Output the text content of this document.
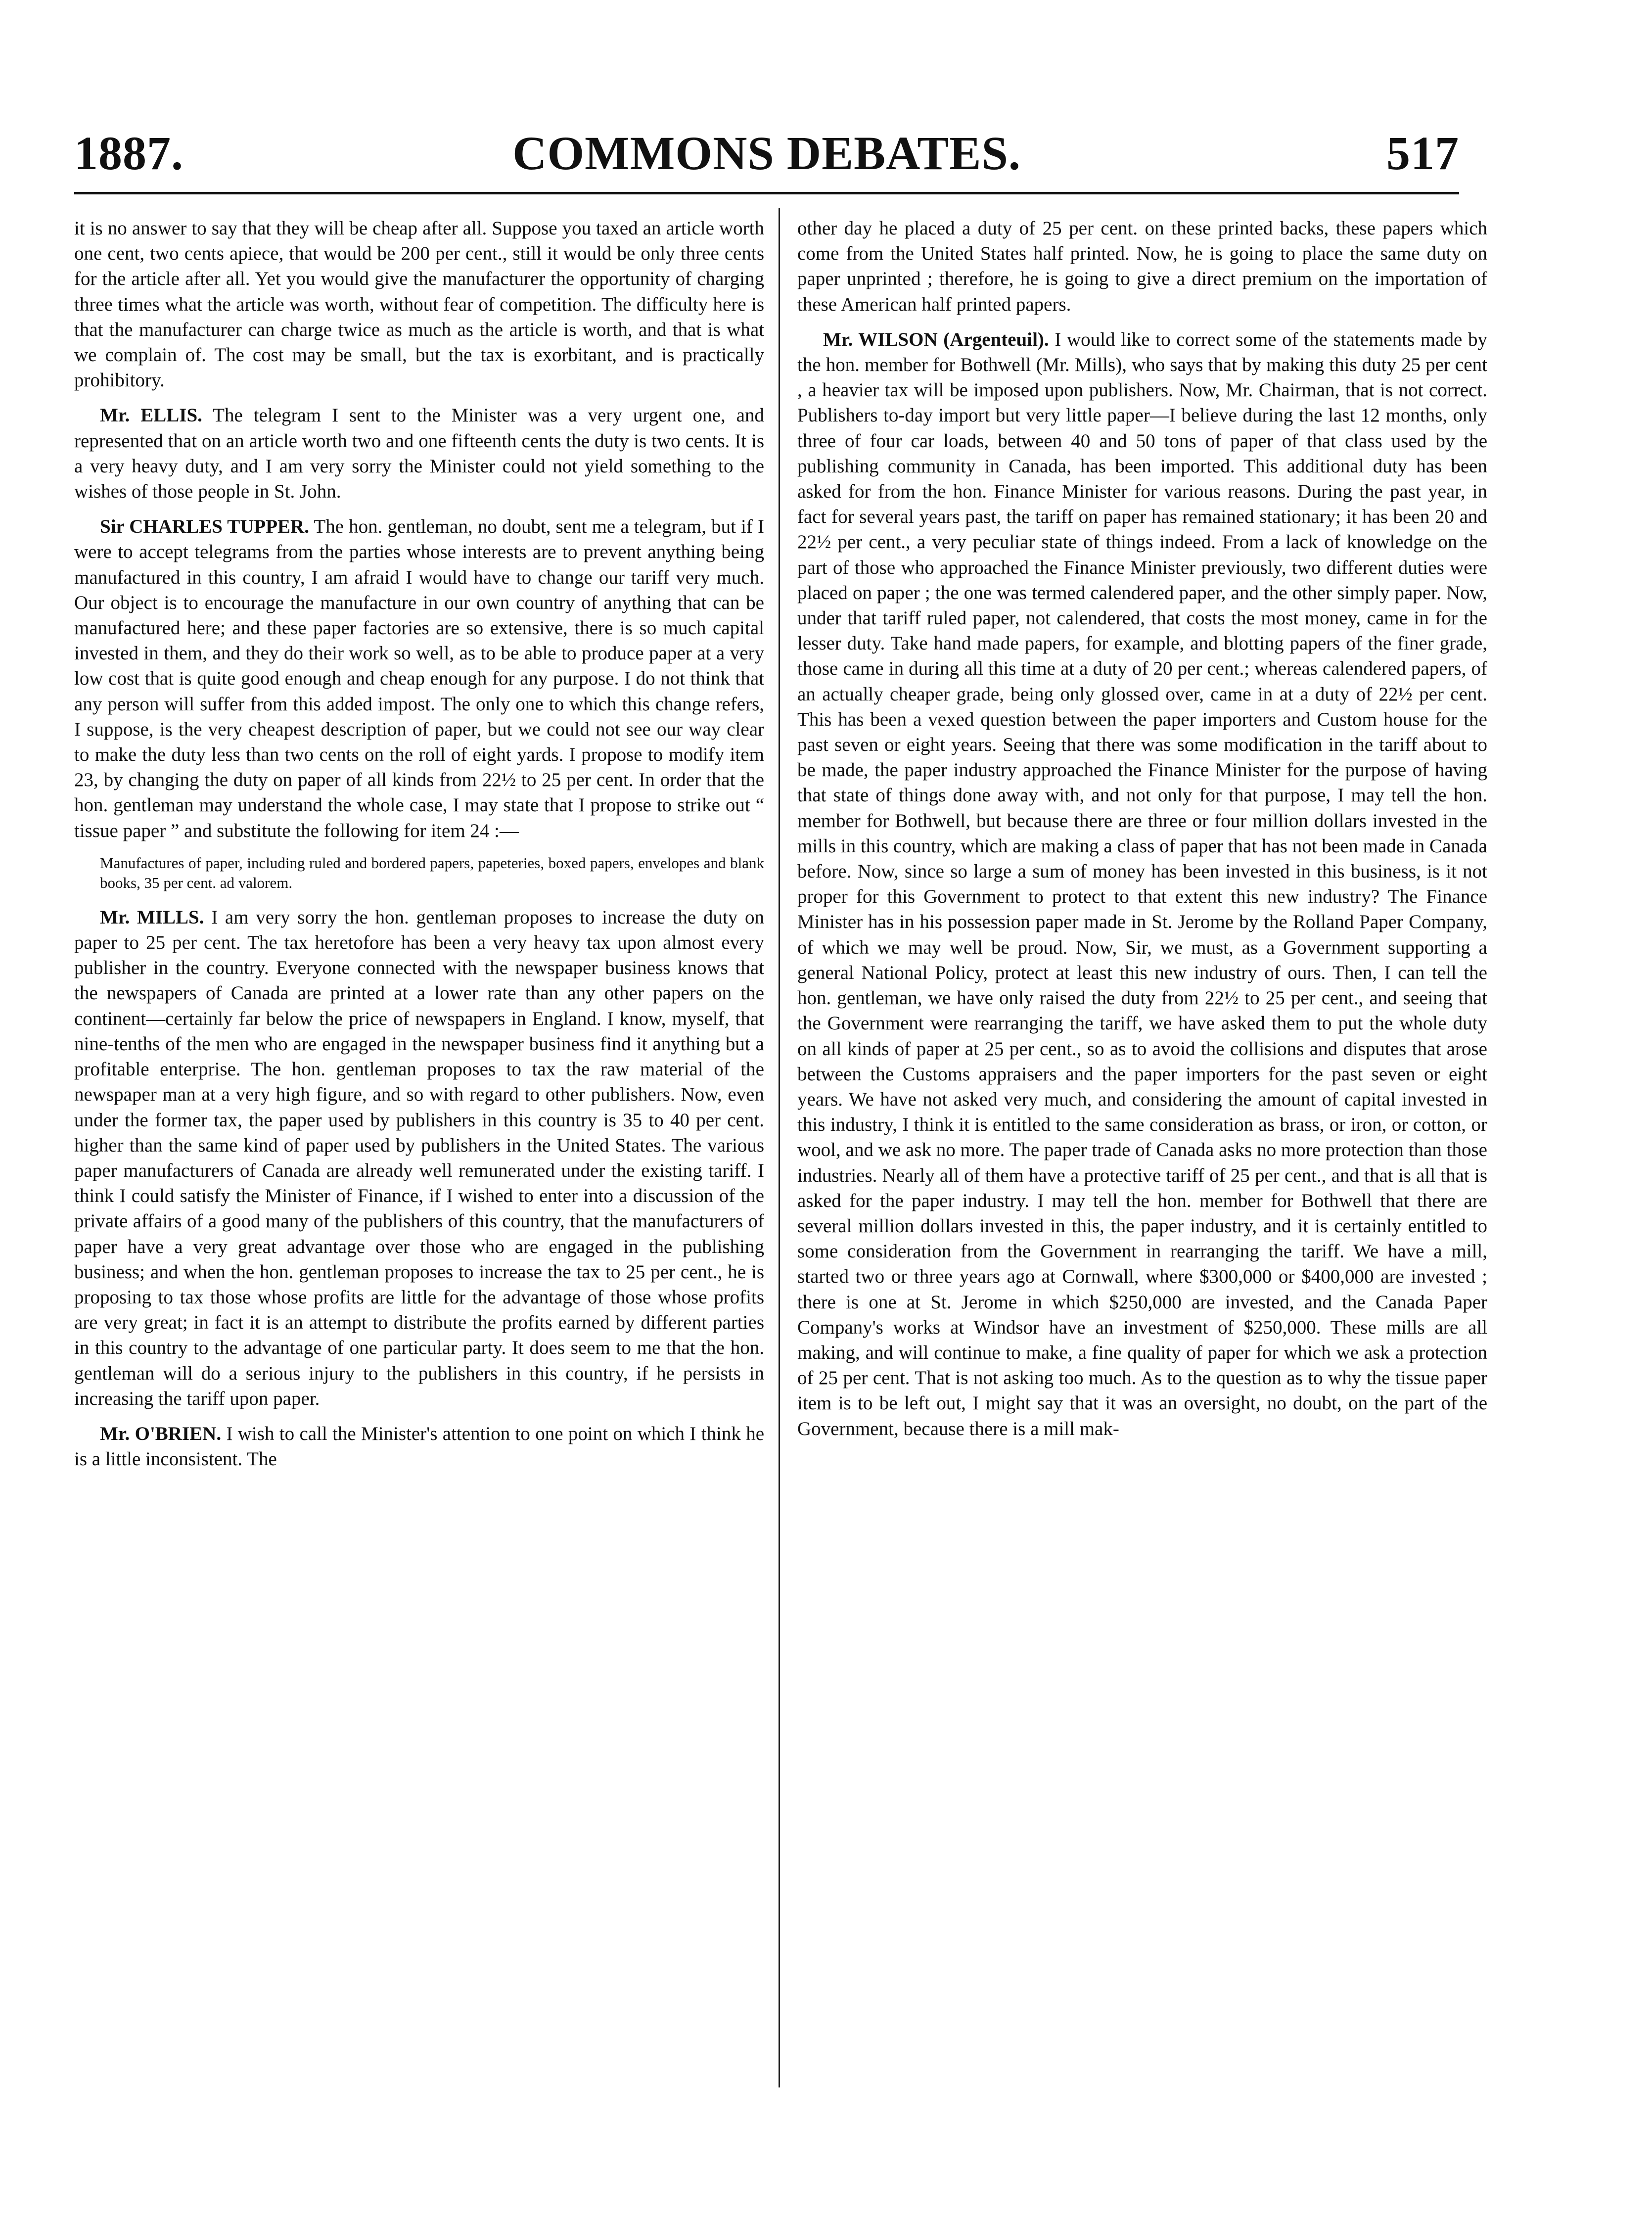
COMMONS DEBATES.
1887.	517

it is no answer to say that they will be cheap after all. Suppose you taxed an article worth one cent, two cents apiece, that would be 200 per cent., still it would be only three cents for the article after all. Yet you would give the manufacturer the opportunity of charging three times what the article was worth, without fear of competition. The difficulty here is that the manufacturer can charge twice as much as the article is worth, and that is what we complain of. The cost may be small, but the tax is exorbitant, and is practically prohibitory.

Mr. ELLIS. The telegram I sent to the Minister was a very urgent one, and represented that on an article worth two and one fifteenth cents the duty is two cents. It is a very heavy duty, and I am very sorry the Minister could not yield something to the wishes of those people in St. John.

Sir CHARLES TUPPER. The hon. gentleman, no doubt, sent me a telegram, but if I were to accept telegrams from the parties whose interests are to prevent anything being manufactured in this country, I am afraid I would have to change our tariff very much. Our object is to encourage the manufacture in our own country of anything that can be manufactured here; and these paper factories are so extensive, there is so much capital invested in them, and they do their work so well, as to be able to produce paper at a very low cost that is quite good enough and cheap enough for any purpose. I do not think that any person will suffer from this added impost. The only one to which this change refers, I suppose, is the very cheapest description of paper, but we could not see our way clear to make the duty less than two cents on the roll of eight yards. I propose to modify item 23, by changing the duty on paper of all kinds from 22½ to 25 per cent. In order that the hon. gentleman may understand the whole case, I may state that I propose to strike out “ tissue paper ” and substitute the following for item 24 :—

Manufactures of paper, including ruled and bordered papers, papeteries, boxed papers, envelopes and blank books, 35 per cent. ad valorem.

Mr. MILLS. I am very sorry the hon. gentleman proposes to increase the duty on paper to 25 per cent. The tax heretofore has been a very heavy tax upon almost every publisher in the country. Everyone connected with the newspaper business knows that the newspapers of Canada are printed at a lower rate than any other papers on the continent—certainly far below the price of newspapers in England. I know, myself, that nine-tenths of the men who are engaged in the newspaper business find it anything but a profitable enterprise. The hon. gentleman proposes to tax the raw material of the newspaper man at a very high figure, and so with regard to other publishers. Now, even under the former tax, the paper used by publishers in this country is 35 to 40 per cent. higher than the same kind of paper used by publishers in the United States. The various paper manufacturers of Canada are already well remunerated under the existing tariff. I think I could satisfy the Minister of Finance, if I wished to enter into a discussion of the private affairs of a good many of the publishers of this country, that the manufacturers of paper have a very great advantage over those who are engaged in the publishing business; and when the hon. gentleman proposes to increase the tax to 25 per cent., he is proposing to tax those whose profits are little for the advantage of those whose profits are very great; in fact it is an attempt to distribute the profits earned by different parties in this country to the advantage of one particular party. It does seem to me that the hon. gentleman will do a serious injury to the publishers in this country, if he persists in increasing the tariff upon paper.

Mr. O'BRIEN. I wish to call the Minister's attention to one point on which I think he is a little inconsistent. The

other day he placed a duty of 25 per cent. on these printed backs, these papers which come from the United States half printed. Now, he is going to place the same duty on paper unprinted ; therefore, he is going to give a direct premium on the importation of these American half printed papers.

Mr. WILSON (Argenteuil). I would like to correct some of the statements made by the hon. member for Bothwell (Mr. Mills), who says that by making this duty 25 per cent , a heavier tax will be imposed upon publishers. Now, Mr. Chairman, that is not correct. Publishers to-day import but very little paper—I believe during the last 12 months, only three of four car loads, between 40 and 50 tons of paper of that class used by the publishing community in Canada, has been imported. This additional duty has been asked for from the hon. Finance Minister for various reasons. During the past year, in fact for several years past, the tariff on paper has remained stationary; it has been 20 and 22½ per cent., a very peculiar state of things indeed. From a lack of knowledge on the part of those who approached the Finance Minister previously, two different duties were placed on paper ; the one was termed calendered paper, and the other simply paper. Now, under that tariff ruled paper, not calendered, that costs the most money, came in for the lesser duty. Take hand made papers, for example, and blotting papers of the finer grade, those came in during all this time at a duty of 20 per cent.; whereas calendered papers, of an actually cheaper grade, being only glossed over, came in at a duty of 22½ per cent. This has been a vexed question between the paper importers and Custom house for the past seven or eight years. Seeing that there was some modification in the tariff about to be made, the paper industry approached the Finance Minister for the purpose of having that state of things done away with, and not only for that purpose, I may tell the hon. member for Bothwell, but because there are three or four million dollars invested in the mills in this country, which are making a class of paper that has not been made in Canada before. Now, since so large a sum of money has been invested in this business, is it not proper for this Government to protect to that extent this new industry? The Finance Minister has in his possession paper made in St. Jerome by the Rolland Paper Company, of which we may well be proud. Now, Sir, we must, as a Government supporting a general National Policy, protect at least this new industry of ours. Then, I can tell the hon. gentleman, we have only raised the duty from 22½ to 25 per cent., and seeing that the Government were rearranging the tariff, we have asked them to put the whole duty on all kinds of paper at 25 per cent., so as to avoid the collisions and disputes that arose between the Customs appraisers and the paper importers for the past seven or eight years. We have not asked very much, and considering the amount of capital invested in this industry, I think it is entitled to the same consideration as brass, or iron, or cotton, or wool, and we ask no more. The paper trade of Canada asks no more protection than those industries. Nearly all of them have a protective tariff of 25 per cent., and that is all that is asked for the paper industry. I may tell the hon. member for Bothwell that there are several million dollars invested in this, the paper industry, and it is certainly entitled to some consideration from the Government in rearranging the tariff. We have a mill, started two or three years ago at Cornwall, where $300,000 or $400,000 are invested ; there is one at St. Jerome in which $250,000 are invested, and the Canada Paper Company's works at Windsor have an investment of $250,000. These mills are all making, and will continue to make, a fine quality of paper for which we ask a protection of 25 per cent. That is not asking too much. As to the question as to why the tissue paper item is to be left out, I might say that it was an oversight, no doubt, on the part of the Government, because there is a mill mak-
